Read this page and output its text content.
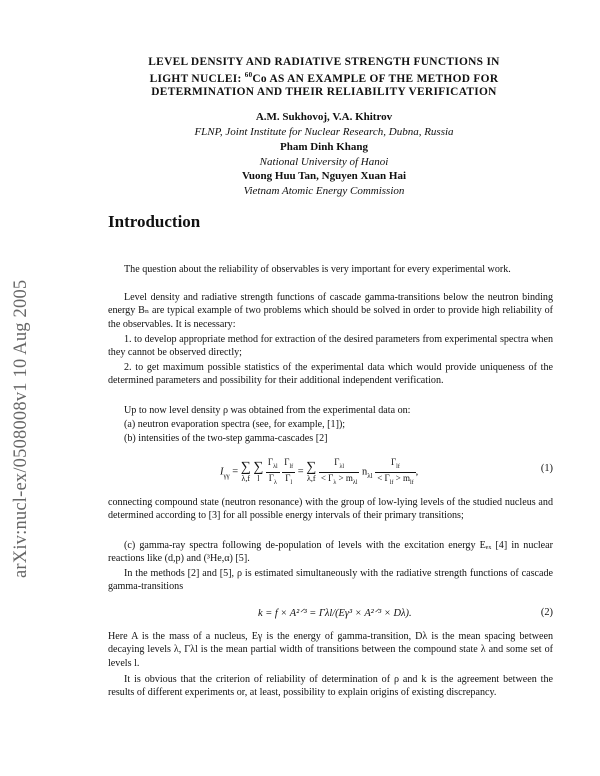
arXiv:nucl-ex/0508008v1 10 Aug 2005
LEVEL DENSITY AND RADIATIVE STRENGTH FUNCTIONS IN
LIGHT NUCLEI: $^{60}$Co AS AN EXAMPLE OF THE METHOD FOR
DETERMINATION AND THEIR RELIABILITY VERIFICATION
A.M. Sukhovoj, V.A. Khitrov
FLNP, Joint Institute for Nuclear Research, Dubna, Russia
Pham Dinh Khang
National University of Hanoi
Vuong Huu Tan, Nguyen Xuan Hai
Vietnam Atomic Energy Commission
Introduction
The question about the reliability of observables is very important for every experimental work.
Level density and radiative strength functions of cascade gamma-transitions below the neutron binding energy Bₙ are typical example of two problems which should be solved in order to provide high reliability of the observables. It is necessary:
1. to develop appropriate method for extraction of the desired parameters from experimental spectra when they cannot be observed directly;
2. to get maximum possible statistics of the experimental data which would provide uniqueness of the determined parameters and possibility for their additional independent verification.
Up to now level density ρ was obtained from the experimental data on:
(a) neutron evaporation spectra (see, for example, [1]);
(b) intensities of the two-step gamma-cascades [2]
$I_{\gamma\gamma}$ = ∑
λ,f
∑
l $\frac{\Gamma_{\lambda l}}{\Gamma_\lambda}$
$\frac{\Gamma_{lf}}{\Gamma_l}$ = ∑
$\lambda,f \frac{\Gamma_{\lambda l}}{< \Gamma_\lambda > m_{\lambda l}} n_{\lambda l} \frac{\Gamma_{lf}}{< \Gamma_{lf} > m_{lf}}$ ,	(1)
connecting compound state (neutron resonance) with the group of low-lying levels of the studied nucleus and determined according to [3] for all possible energy intervals of their primary transitions;
(c) gamma-ray spectra following de-population of levels with the excitation energy Eₑₓ [4] in nuclear reactions like (d,p) and (³He,α) [5].
In the methods [2] and [5], ρ is estimated simultaneously with the radiative strength functions of cascade gamma-transitions
k = f × A²ᐟ³ = Γλl/(Eγ³ × A²ᐟ³ × Dλ).	(2)
Here A is the mass of a nucleus, Eγ is the energy of gamma-transition, Dλ is the mean spacing between decaying levels λ, Γλl is the mean partial width of transitions between the compound state λ and some set of levels l.
It is obvious that the criterion of reliability of determination of ρ and k is the agreement between the results of different experiments or, at least, possibility to explain origins of existing discrepancy.
